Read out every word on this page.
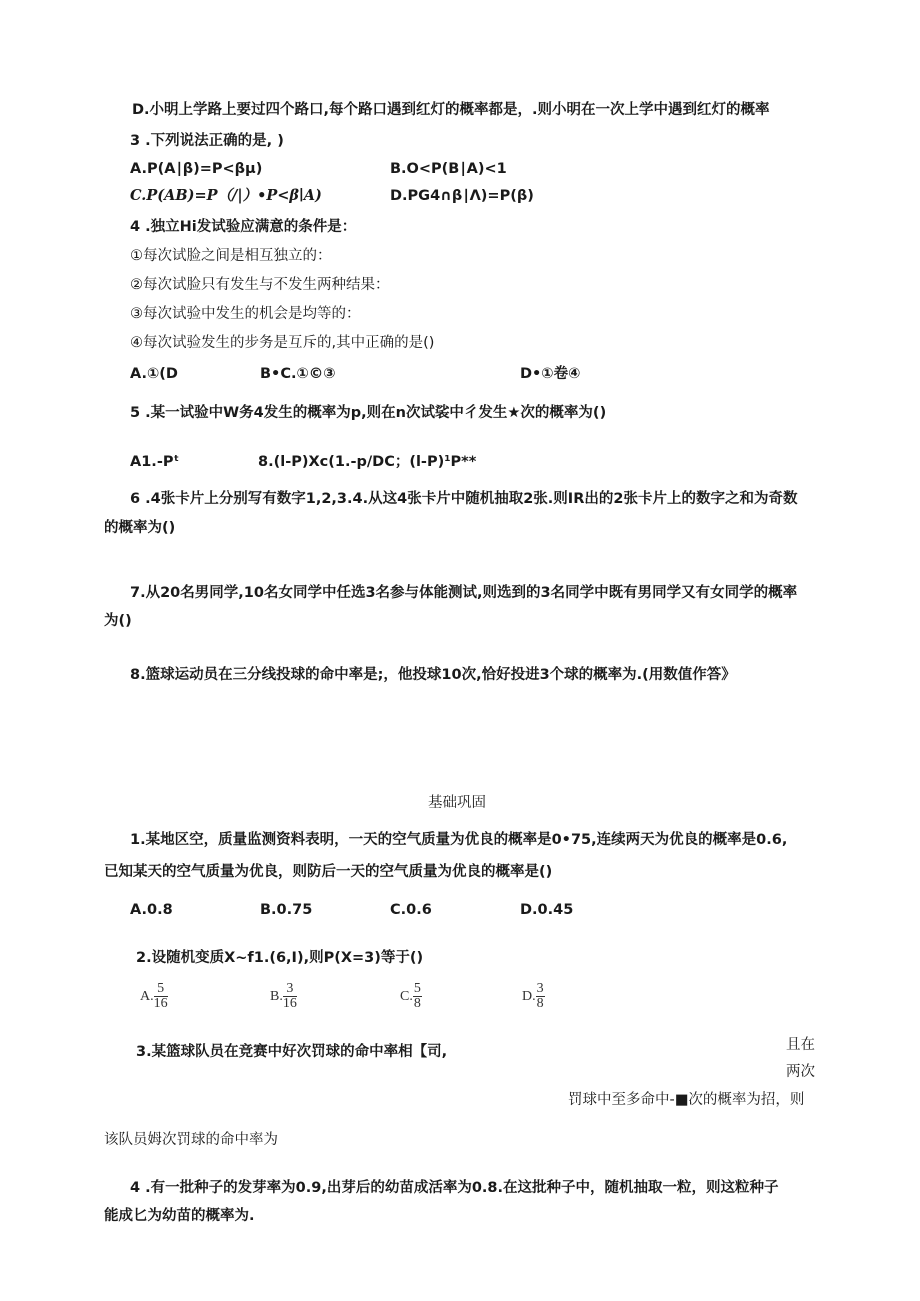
D.小明上学路上要过四个路口,每个路口遇到红灯的概率都是，.则小明在一次上学中遇到红灯的概率
3 .下列说法正确的是, )
A.P(A∣β)=P<βμ)	B.O<P(B∣A)<1
C.P(AB)=P（/|）•P<β∣A)	D.PG4∩β∣Λ)=P(β)
4 .独立Hi发试验应满意的条件是：
①每次试脸之间是相互独立的：
②每次试脸只有发生与不发生两种结果：
③每次试验中发生的机会是均等的：
④每次试验发生的步务是互斥的,其中正确的是()
A.①(D	B•C.①©③	D•①卷④
5 .某一试验中W务4发生的概率为p,则在n次试裟中彳发生★次的概率为()
A1.-Pᵗ	8.(l-P)Xc(1.-p/DC；(l-P)¹P**
6 .4张卡片上分别写有数字1,2,3.4.从这4张卡片中随机抽取2张.则IR出的2张卡片上的数字之和为奇数
的概率为()
7.从20名男同学,10名女同学中任选3名参与体能测试,则选到的3名同学中既有男同学又有女同学的概率
为()
8.篮球运动员在三分线投球的命中率是;，他投球10次,恰好投进3个球的概率为.(用数值作答》
基础巩固
1.某地区空，质量监测资料表明，一天的空气质量为优良的概率是0•75,连续两天为优良的概率是0.6,
已知某天的空气质量为优良，则防后一天的空气质量为优良的概率是()
A.0.8	B.0.75	C.0.6	D.0.45
2.设随机变质X~f1.(6,I),则P(X=3)等于()
A. $\frac{5}{16}$	B. $\frac{3}{16}$	C. $\frac{5}{8}$	D. $\frac{3}{8}$
3.某篮球队员在竞赛中好次罚球的命中率相【司,	且在
两次
罚球中至多命中-■次的概率为招，则
该队员姆次罚球的命中率为
4 .有一批种子的发芽率为0.9,出芽后的幼苗成活率为0.8.在这批种子中，随机抽取一粒，则这粒种子
能成匕为幼苗的概率为.
